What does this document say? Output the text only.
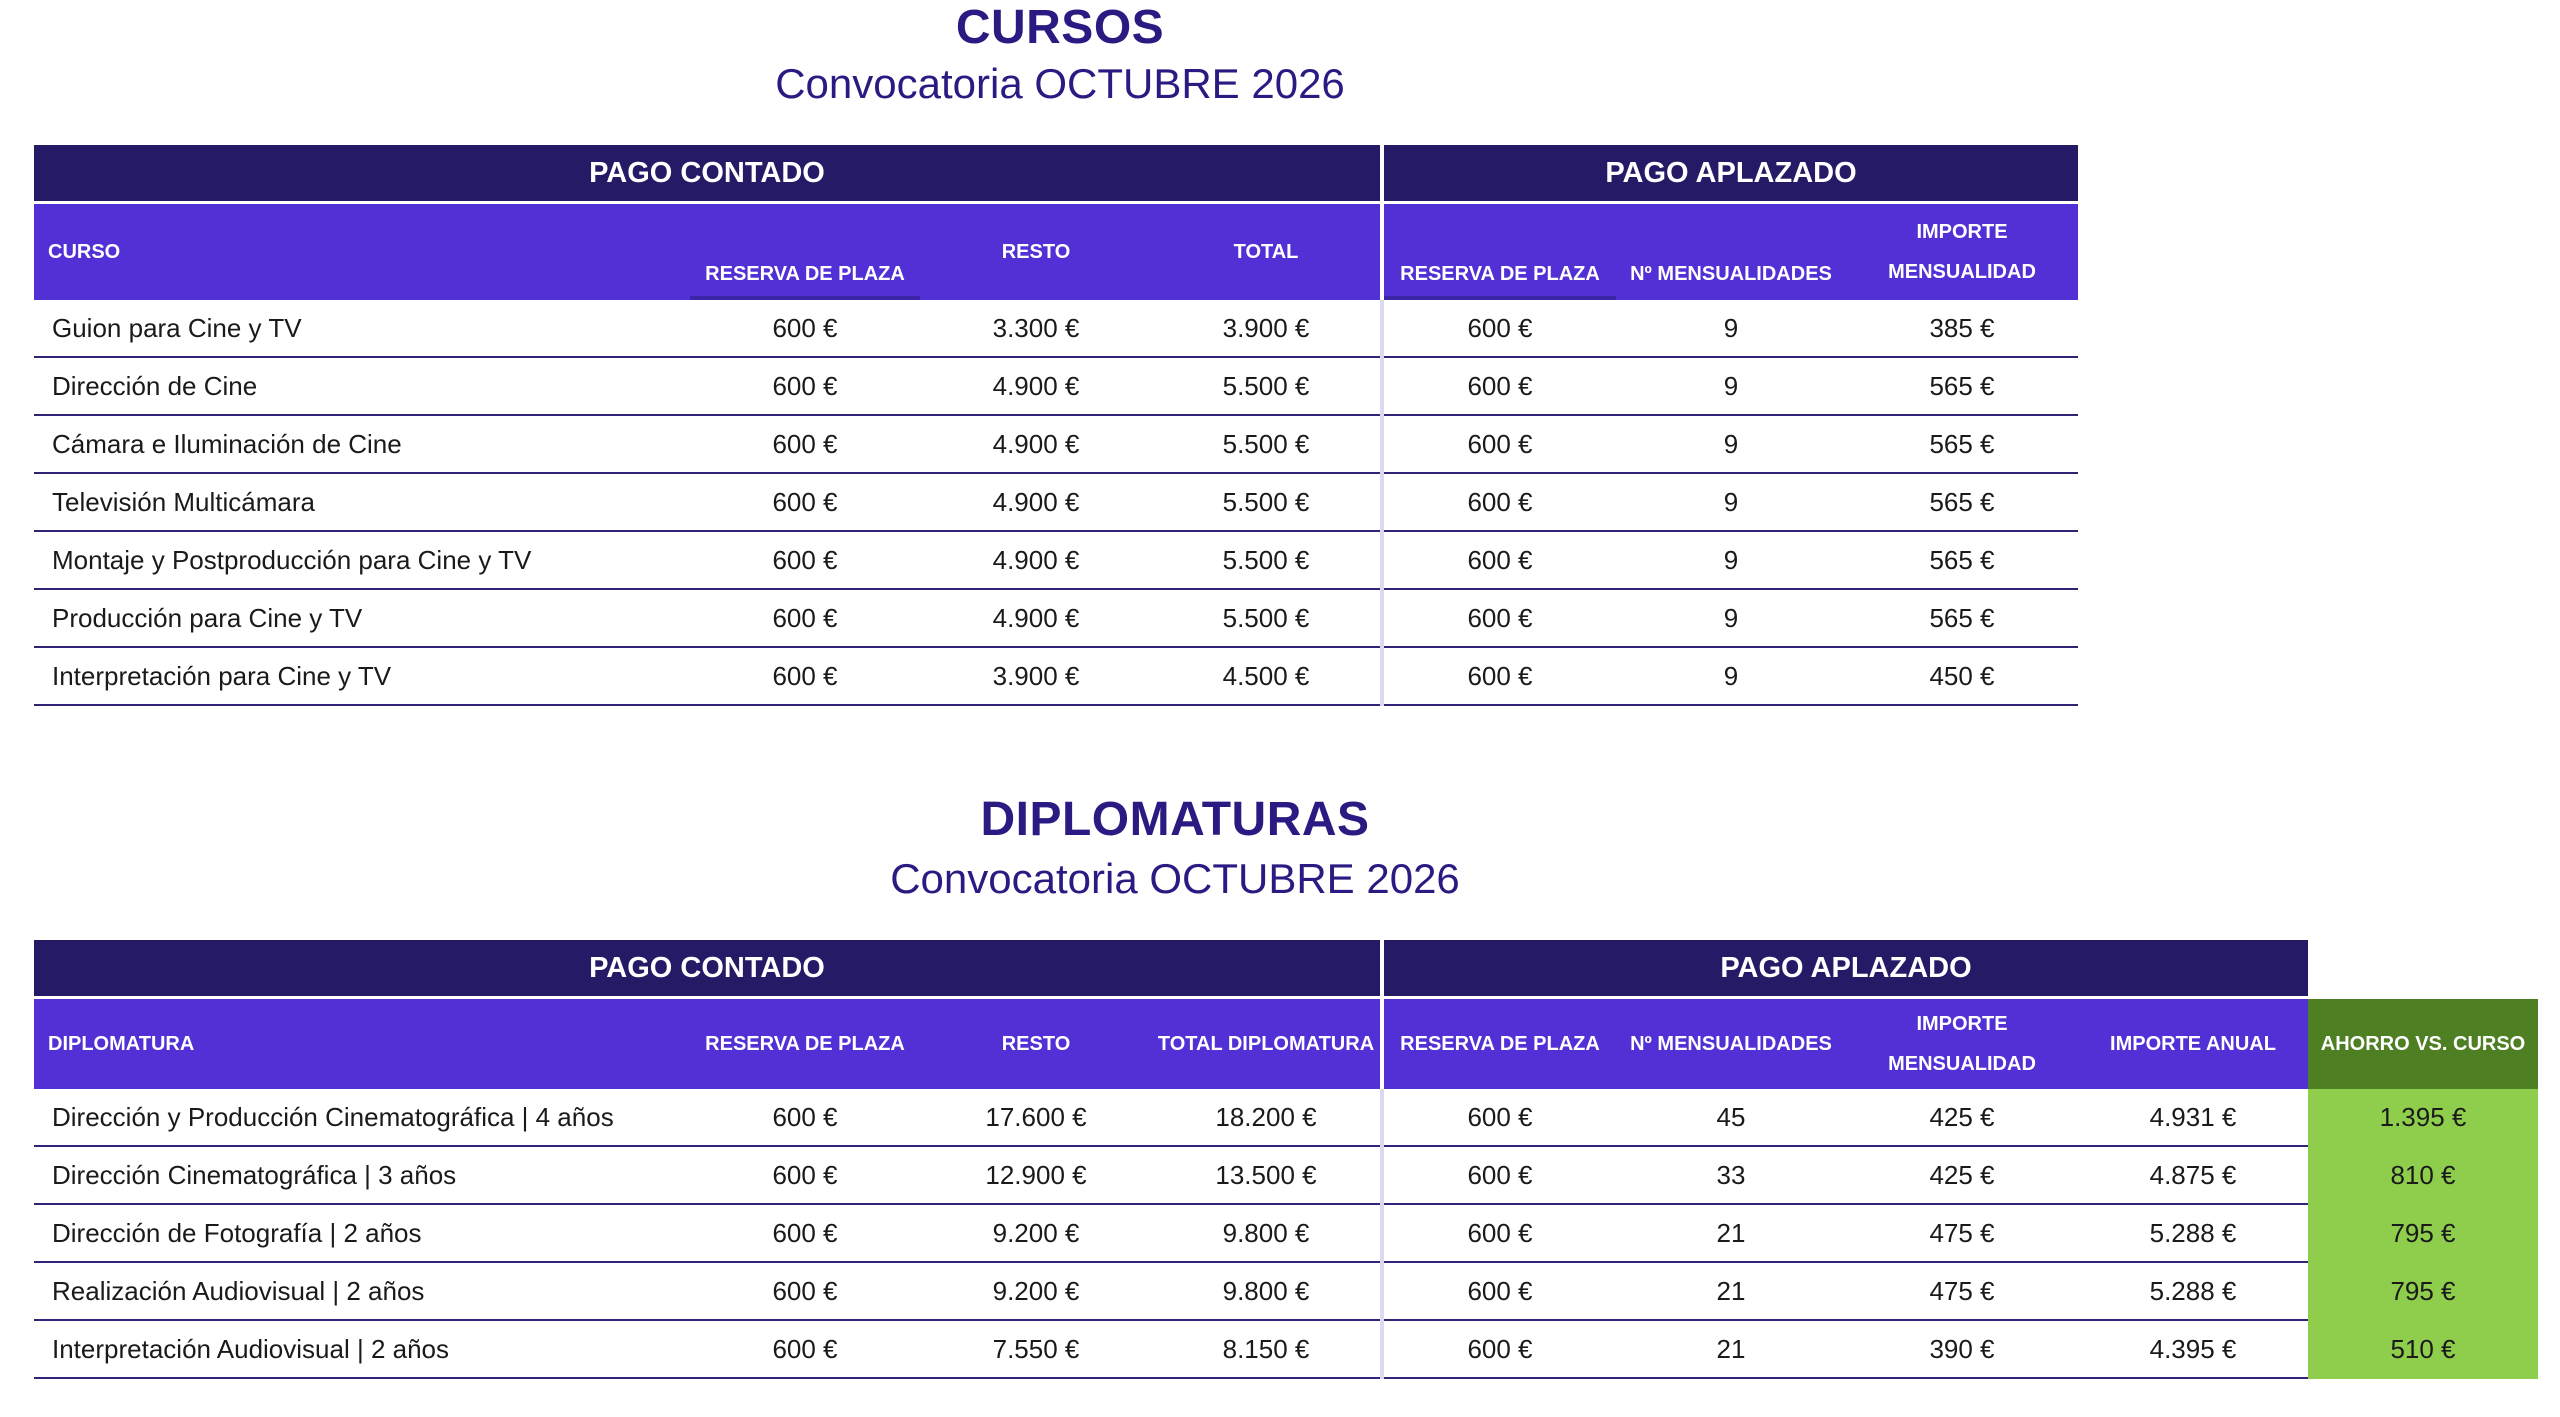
CURSOS
Convocatoria OCTUBRE 2026
PAGO CONTADO				PAGO APLAZADO		
CURSO	RESERVA DE PLAZA	RESTO	TOTAL	RESERVA DE PLAZA	Nº MENSUALIDADES	IMPORTE MENSUALIDAD
Guion para Cine y TV	600 €	3.300 €	3.900 €	600 €	9	385 €
Dirección de Cine	600 €	4.900 €	5.500 €	600 €	9	565 €
Cámara e Iluminación de Cine	600 €	4.900 €	5.500 €	600 €	9	565 €
Televisión Multicámara	600 €	4.900 €	5.500 €	600 €	9	565 €
Montaje y Postproducción para Cine y TV	600 €	4.900 €	5.500 €	600 €	9	565 €
Producción para Cine y TV	600 €	4.900 €	5.500 €	600 €	9	565 €
Interpretación para Cine y TV	600 €	3.900 €	4.500 €	600 €	9	450 €
DIPLOMATURAS
Convocatoria OCTUBRE 2026
PAGO CONTADO				PAGO APLAZADO				
DIPLOMATURA	RESERVA DE PLAZA	RESTO	TOTAL DIPLOMATURA	RESERVA DE PLAZA	Nº MENSUALIDADES	IMPORTE MENSUALIDAD	IMPORTE ANUAL	AHORRO VS. CURSO
Dirección y Producción Cinematográfica | 4 años	600 €	17.600 €	18.200 €	600 €	45	425 €	4.931 €	1.395 €
Dirección Cinematográfica | 3 años	600 €	12.900 €	13.500 €	600 €	33	425 €	4.875 €	810 €
Dirección de Fotografía | 2 años	600 €	9.200 €	9.800 €	600 €	21	475 €	5.288 €	795 €
Realización Audiovisual | 2 años	600 €	9.200 €	9.800 €	600 €	21	475 €	5.288 €	795 €
Interpretación Audiovisual | 2 años	600 €	7.550 €	8.150 €	600 €	21	390 €	4.395 €	510 €
